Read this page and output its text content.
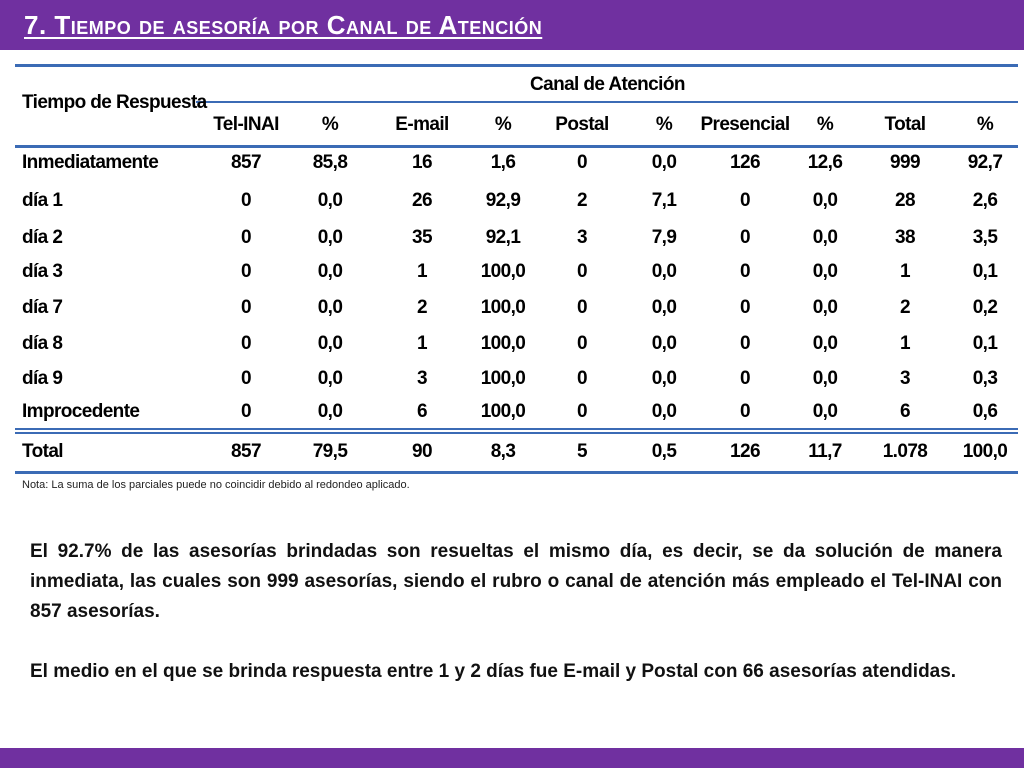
7. Tiempo de asesoría por Canal de Atención
Tiempo de Respuesta
Canal de Atención
Tel-INAI	%	E-mail	%	Postal	%	Presencial	%	Total	%
Inmediatamente	857	85,8	16	1,6	0	0,0	126	12,6	999	92,7
día 1	0	0,0	26	92,9	2	7,1	0	0,0	28	2,6
día 2	0	0,0	35	92,1	3	7,9	0	0,0	38	3,5
día 3	0	0,0	1	100,0	0	0,0	0	0,0	1	0,1
día 7	0	0,0	2	100,0	0	0,0	0	0,0	2	0,2
día 8	0	0,0	1	100,0	0	0,0	0	0,0	1	0,1
día 9	0	0,0	3	100,0	0	0,0	0	0,0	3	0,3
Improcedente	0	0,0	6	100,0	0	0,0	0	0,0	6	0,6
Total	857	79,5	90	8,3	5	0,5	126	11,7	1.078	100,0
Nota: La suma de los parciales puede no coincidir debido al redondeo aplicado.
El 92.7% de las asesorías brindadas son resueltas el mismo día, es decir, se da solución de manera inmediata, las cuales son 999 asesorías, siendo el rubro o canal de atención más empleado el Tel-INAI con 857 asesorías.
El medio en el que se brinda respuesta entre 1 y 2 días fue E-mail y Postal con 66 asesorías atendidas.
